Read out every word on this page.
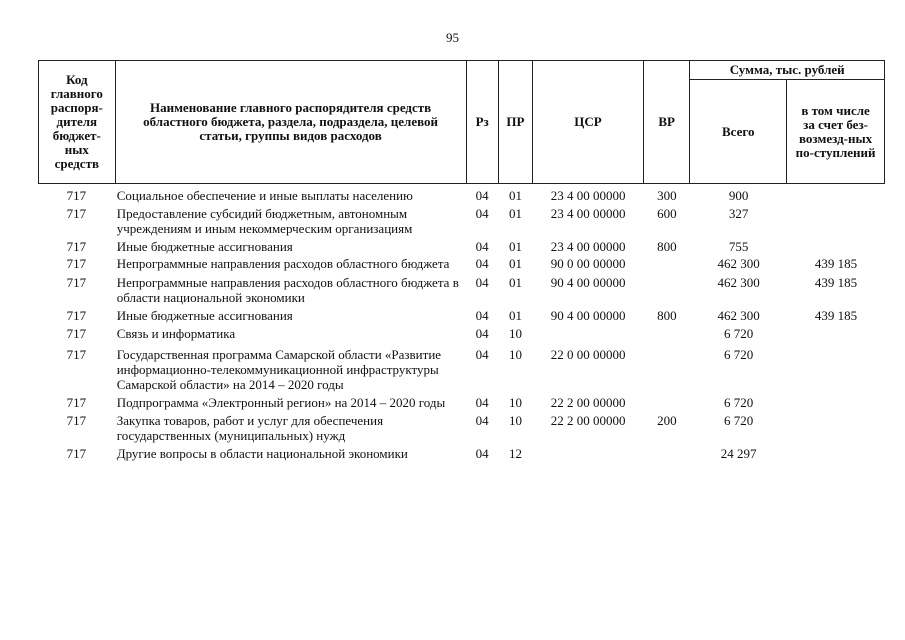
95
Код главного распоря-дителя бюджет-ных средств	Наименование главного распорядителя средств областного бюджета, раздела, подраздела, целевой статьи, группы видов расходов	Рз	ПР	ЦСР	ВР	Сумма, тыс. рублей	
						Всего	в том числе за счет без-возмезд-ных по-ступлений
717	Социальное обеспечение и иные выплаты населению	04	01	23 4 00 00000	300	900	
717	Предоставление субсидий бюджетным, автономным учреждениям и иным некоммерческим организациям	04	01	23 4 00 00000	600	327	
717	Иные бюджетные ассигнования	04	01	23 4 00 00000	800	755	
717	Непрограммные направления расходов областного бюджета	04	01	90 0 00 00000		462 300	439 185
717	Непрограммные направления расходов областного бюджета в области национальной экономики	04	01	90 4 00 00000		462 300	439 185
717	Иные бюджетные ассигнования	04	01	90 4 00 00000	800	462 300	439 185
717	Связь и информатика	04	10			6 720	
717	Государственная программа Самарской области «Развитие информационно-телекоммуникационной инфраструктуры Самарской области» на 2014 – 2020 годы	04	10	22 0 00 00000		6 720	
717	Подпрограмма «Электронный регион» на 2014 – 2020 годы	04	10	22 2 00 00000		6 720	
717	Закупка товаров, работ и услуг для обеспечения государственных (муниципальных) нужд	04	10	22 2 00 00000	200	6 720	
717	Другие вопросы в области национальной экономики	04	12			24 297	
